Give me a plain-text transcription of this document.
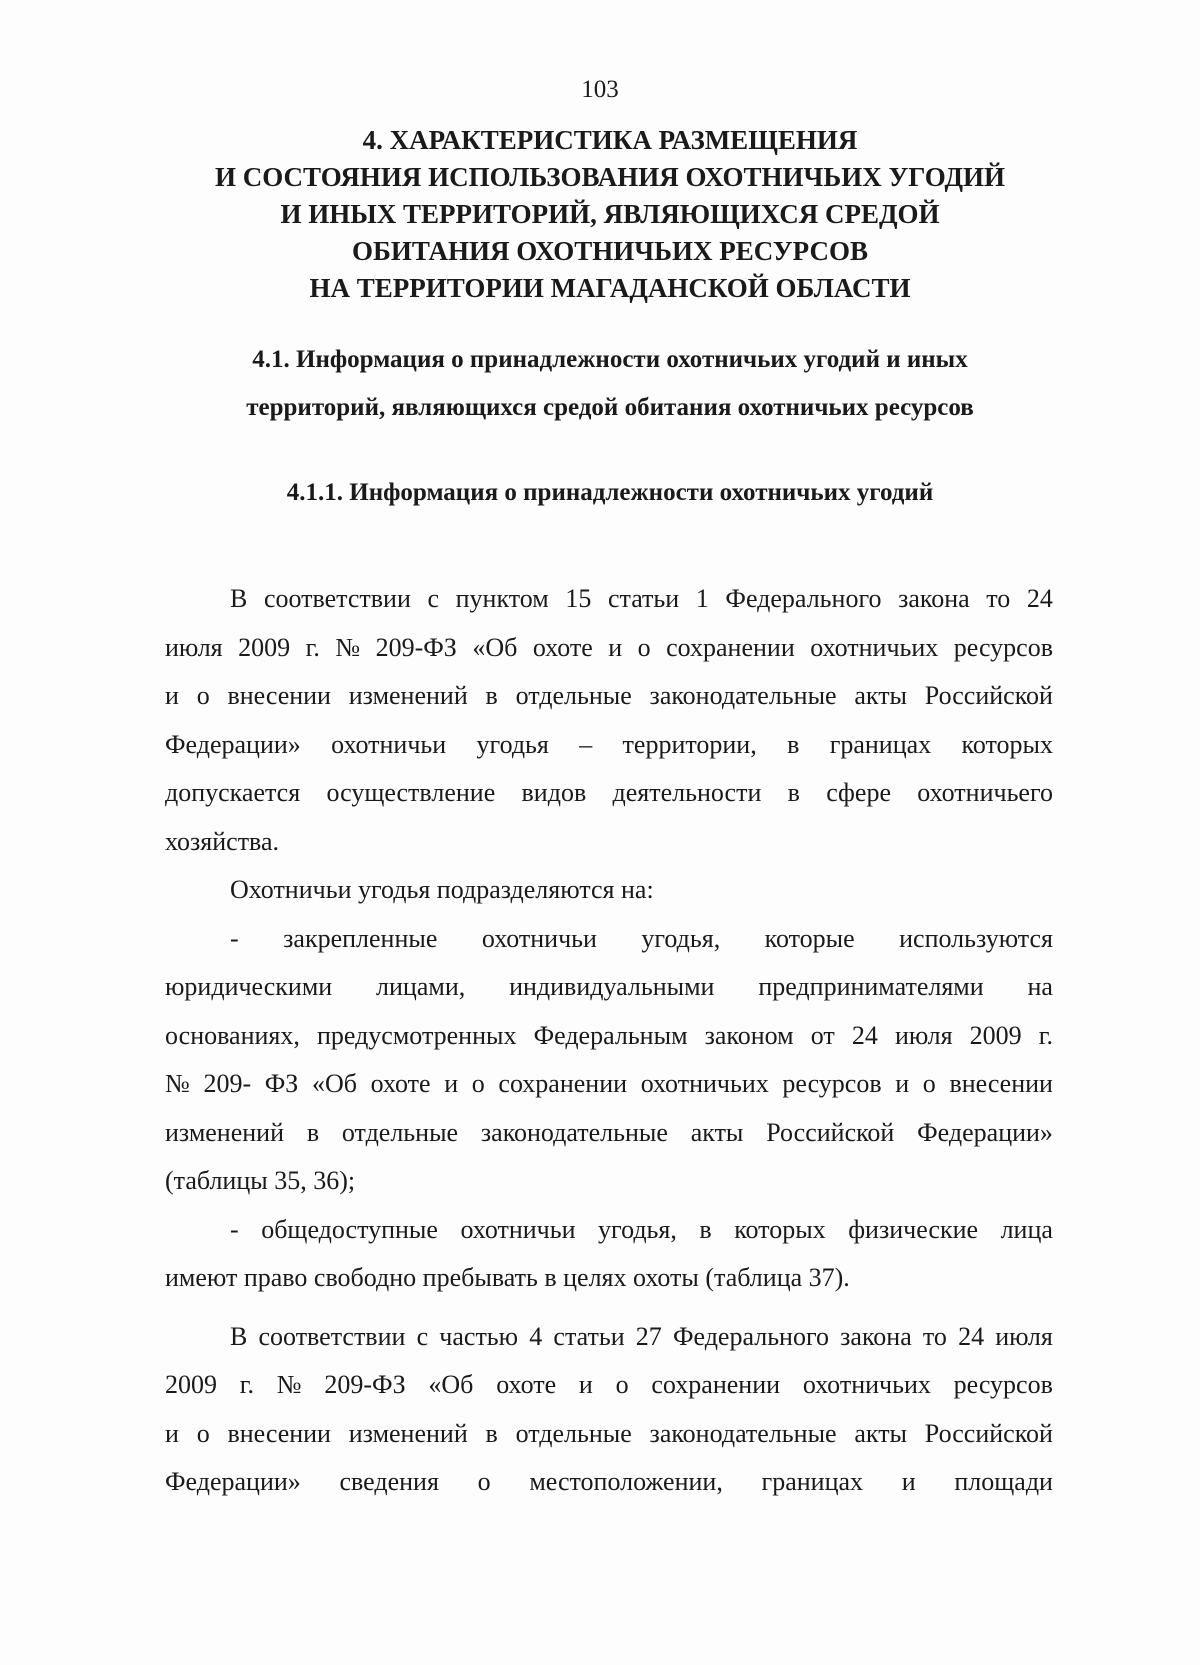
103
4. ХАРАКТЕРИСТИКА РАЗМЕЩЕНИЯ
И СОСТОЯНИЯ ИСПОЛЬЗОВАНИЯ ОХОТНИЧЬИХ УГОДИЙ
И ИНЫХ ТЕРРИТОРИЙ, ЯВЛЯЮЩИХСЯ СРЕДОЙ
ОБИТАНИЯ ОХОТНИЧЬИХ РЕСУРСОВ
НА ТЕРРИТОРИИ МАГАДАНСКОЙ ОБЛАСТИ
4.1. Информация о принадлежности охотничьих угодий и иных
территорий, являющихся средой обитания охотничьих ресурсов
4.1.1. Информация о принадлежности охотничьих угодий
В соответствии с пунктом 15 статьи 1 Федерального закона то 24
июля 2009 г. № 209-ФЗ «Об охоте и о сохранении охотничьих ресурсов
и о внесении изменений в отдельные законодательные акты Российской
Федерации» охотничьи угодья – территории, в границах которых
допускается осуществление видов деятельности в сфере охотничьего
хозяйства.
Охотничьи угодья подразделяются на:
- закрепленные охотничьи угодья, которые используются
юридическими лицами, индивидуальными предпринимателями на
основаниях, предусмотренных Федеральным законом от 24 июля 2009 г.
№ 209- ФЗ «Об охоте и о сохранении охотничьих ресурсов и о внесении
изменений в отдельные законодательные акты Российской Федерации»
(таблицы 35, 36);
- общедоступные охотничьи угодья, в которых физические лица
имеют право свободно пребывать в целях охоты (таблица 37).
В соответствии с частью 4 статьи 27 Федерального закона то 24 июля
2009 г. № 209-ФЗ «Об охоте и о сохранении охотничьих ресурсов
и о внесении изменений в отдельные законодательные акты Российской
Федерации» сведения о местоположении, границах и площади
